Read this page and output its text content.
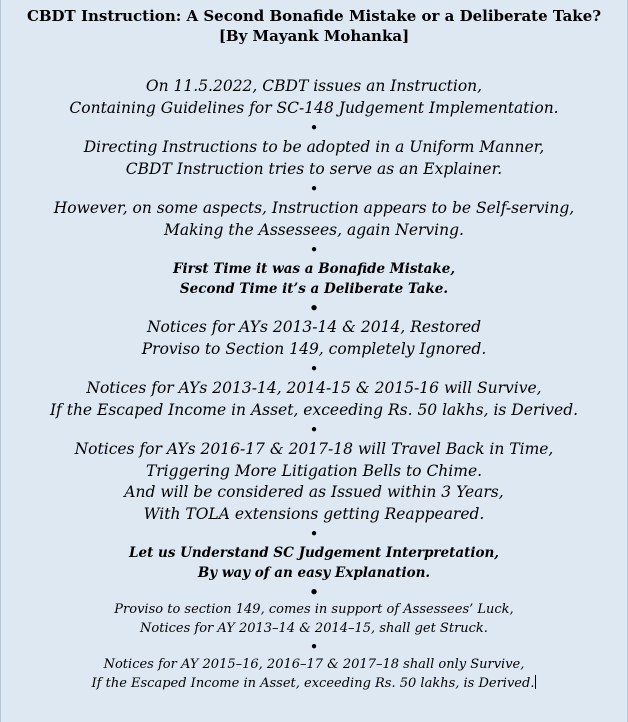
CBDT Instruction: A Second Bonafide Mistake or a Deliberate Take?
[By Mayank Mohanka]
On 11.5.2022, CBDT issues an Instruction,
Containing Guidelines for SC-148 Judgement Implementation.
•
Directing Instructions to be adopted in a Uniform Manner,
CBDT Instruction tries to serve as an Explainer.
•
However, on some aspects, Instruction appears to be Self-serving,
Making the Assessees, again Nerving.
•
First Time it was a Bonafide Mistake,
Second Time it’s a Deliberate Take.
•
Notices for AYs 2013-14 & 2014, Restored
Proviso to Section 149, completely Ignored.
•
Notices for AYs 2013-14, 2014-15 & 2015-16 will Survive,
If the Escaped Income in Asset, exceeding Rs. 50 lakhs, is Derived.
•
Notices for AYs 2016-17 & 2017-18 will Travel Back in Time,
Triggering More Litigation Bells to Chime.
And will be considered as Issued within 3 Years,
With TOLA extensions getting Reappeared.
•
Let us Understand SC Judgement Interpretation,
By way of an easy Explanation.
•
Proviso to section 149, comes in support of Assessees’ Luck,
Notices for AY 2013–14 & 2014–15, shall get Struck.
•
Notices for AY 2015–16, 2016–17 & 2017–18 shall only Survive,
If the Escaped Income in Asset, exceeding Rs. 50 lakhs, is Derived.
